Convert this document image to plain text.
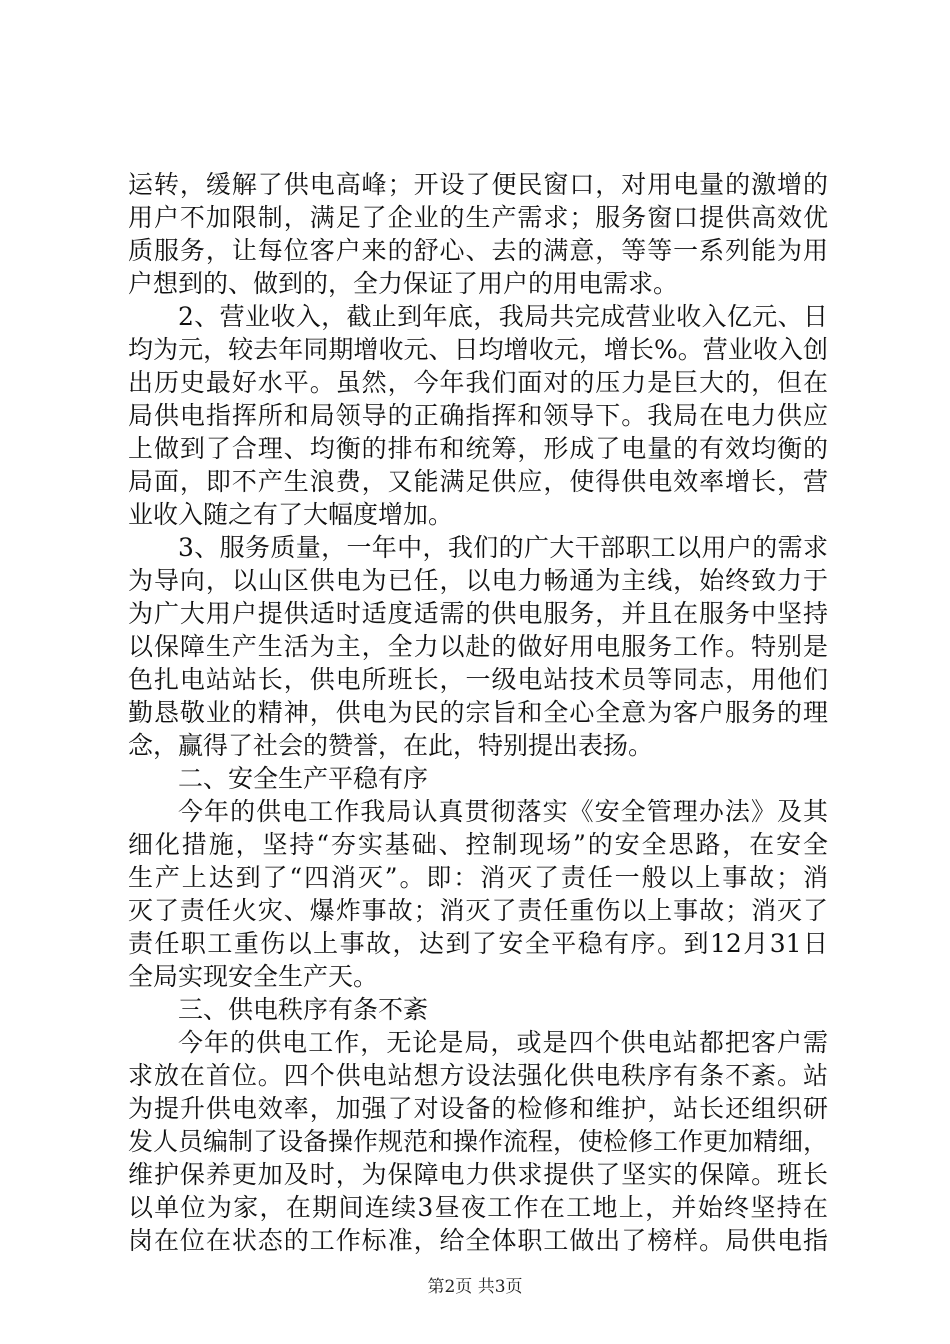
运转，缓解了供电高峰；开设了便民窗口，对用电量的激增的
用户不加限制，满足了企业的生产需求；服务窗口提供高效优
质服务，让每位客户来的舒心、去的满意，等等一系列能为用
户想到的、做到的，全力保证了用户的用电需求。
2、营业收入，截止到年底，我局共完成营业收入亿元、日
均为元，较去年同期增收元、日均增收元，增长%。营业收入创
出历史最好水平。虽然，今年我们面对的压力是巨大的，但在
局供电指挥所和局领导的正确指挥和领导下。我局在电力供应
上做到了合理、均衡的排布和统筹，形成了电量的有效均衡的
局面，即不产生浪费，又能满足供应，使得供电效率增长，营
业收入随之有了大幅度增加。
3、服务质量，一年中，我们的广大干部职工以用户的需求
为导向，以山区供电为已任，以电力畅通为主线，始终致力于
为广大用户提供适时适度适需的供电服务，并且在服务中坚持
以保障生产生活为主，全力以赴的做好用电服务工作。特别是
色扎电站站长，供电所班长，一级电站技术员等同志，用他们
勤恳敬业的精神，供电为民的宗旨和全心全意为客户服务的理
念，赢得了社会的赞誉，在此，特别提出表扬。
二、安全生产平稳有序
今年的供电工作我局认真贯彻落实《安全管理办法》及其
细化措施，坚持“夯实基础、控制现场”的安全思路，在安全
生产上达到了“四消灭”。即：消灭了责任一般以上事故；消
灭了责任火灾、爆炸事故；消灭了责任重伤以上事故；消灭了
责任职工重伤以上事故，达到了安全平稳有序。到12月31日
全局实现安全生产天。
三、供电秩序有条不紊
今年的供电工作，无论是局，或是四个供电站都把客户需
求放在首位。四个供电站想方设法强化供电秩序有条不紊。站
为提升供电效率，加强了对设备的检修和维护，站长还组织研
发人员编制了设备操作规范和操作流程，使检修工作更加精细，
维护保养更加及时，为保障电力供求提供了坚实的保障。班长
以单位为家，在期间连续3昼夜工作在工地上，并始终坚持在
岗在位在状态的工作标准，给全体职工做出了榜样。局供电指
第2页 共3页
